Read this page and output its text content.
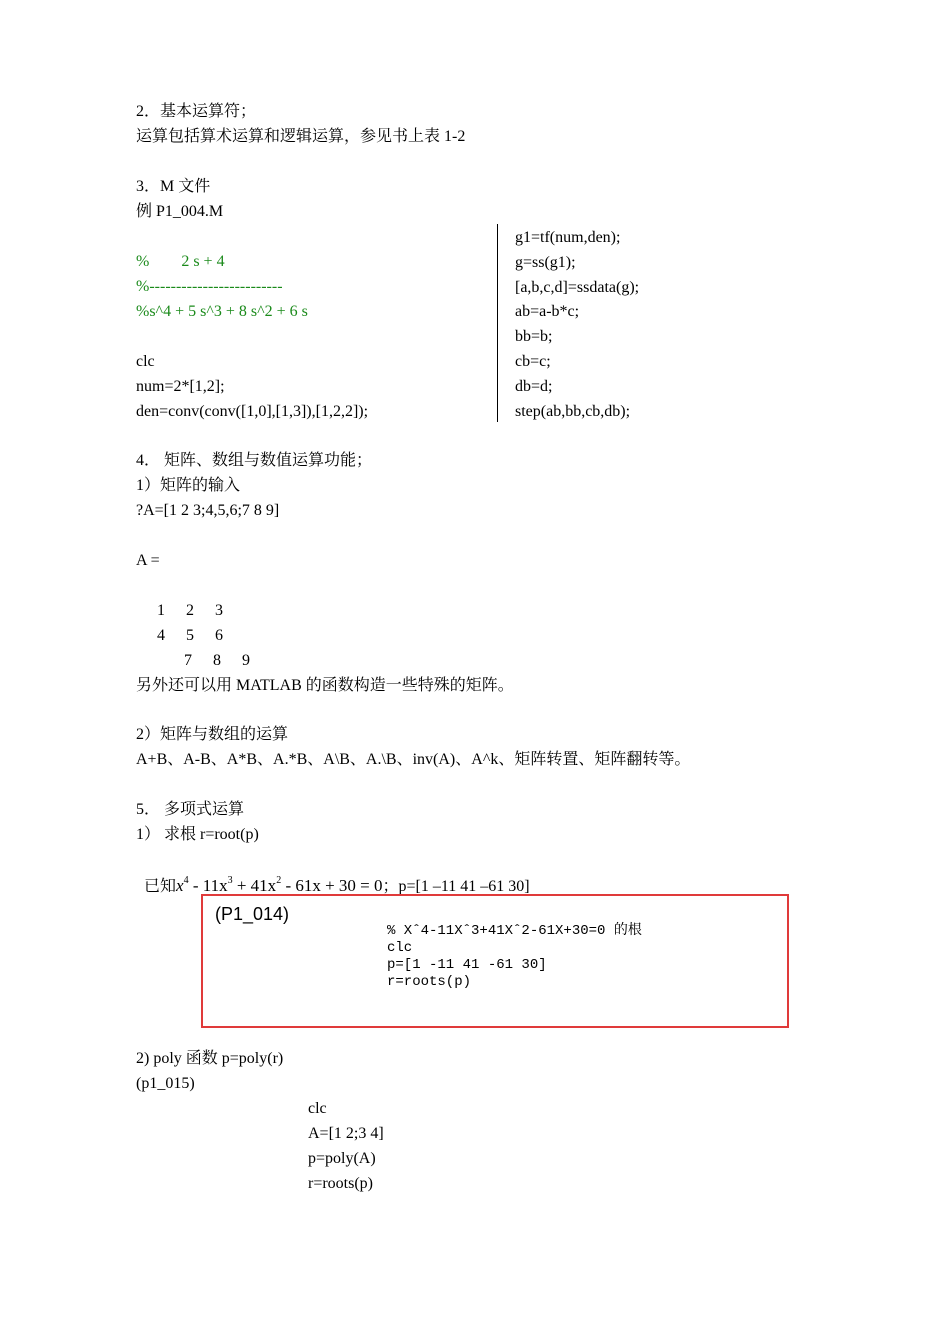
2．基本运算符；
运算包括算术运算和逻辑运算，参见书上表 1-2
3．M 文件
例 P1_004.M
%        2 s + 4
%-------------------------
%s^4 + 5 s^3 + 8 s^2 + 6 s
clc
num=2*[1,2];
den=conv(conv([1,0],[1,3]),[1,2,2]);
g1=tf(num,den);
g=ss(g1);
[a,b,c,d]=ssdata(g);
ab=a-b*c;
bb=b;
cb=c;
db=d;
step(ab,bb,cb,db);
4． 矩阵、数组与数值运算功能；
1）矩阵的输入
?A=[1 2 3;4,5,6;7 8 9]
A =
1 2 3
4 5 6
7 8 9
另外还可以用 MATLAB 的函数构造一些特殊的矩阵。
2）矩阵与数组的运算
A+B、A-B、A*B、A.*B、A\B、A.\B、inv(A)、A^k、矩阵转置、矩阵翻转等。
5． 多项式运算
1） 求根 r=root(p)

已知$x^4 - 11x^3 + 41x^2 - 61x + 30 = 0$；p=[1 –11 41 –61 30]

(P1_014)
% Xˆ4-11Xˆ3+41Xˆ2-61X+30=0 的根
clc
p=[1 -11 41 -61 30]
r=roots(p)
2) poly 函数 p=poly(r)
(p1_015)
clc
A=[1 2;3 4]
p=poly(A)
r=roots(p)
